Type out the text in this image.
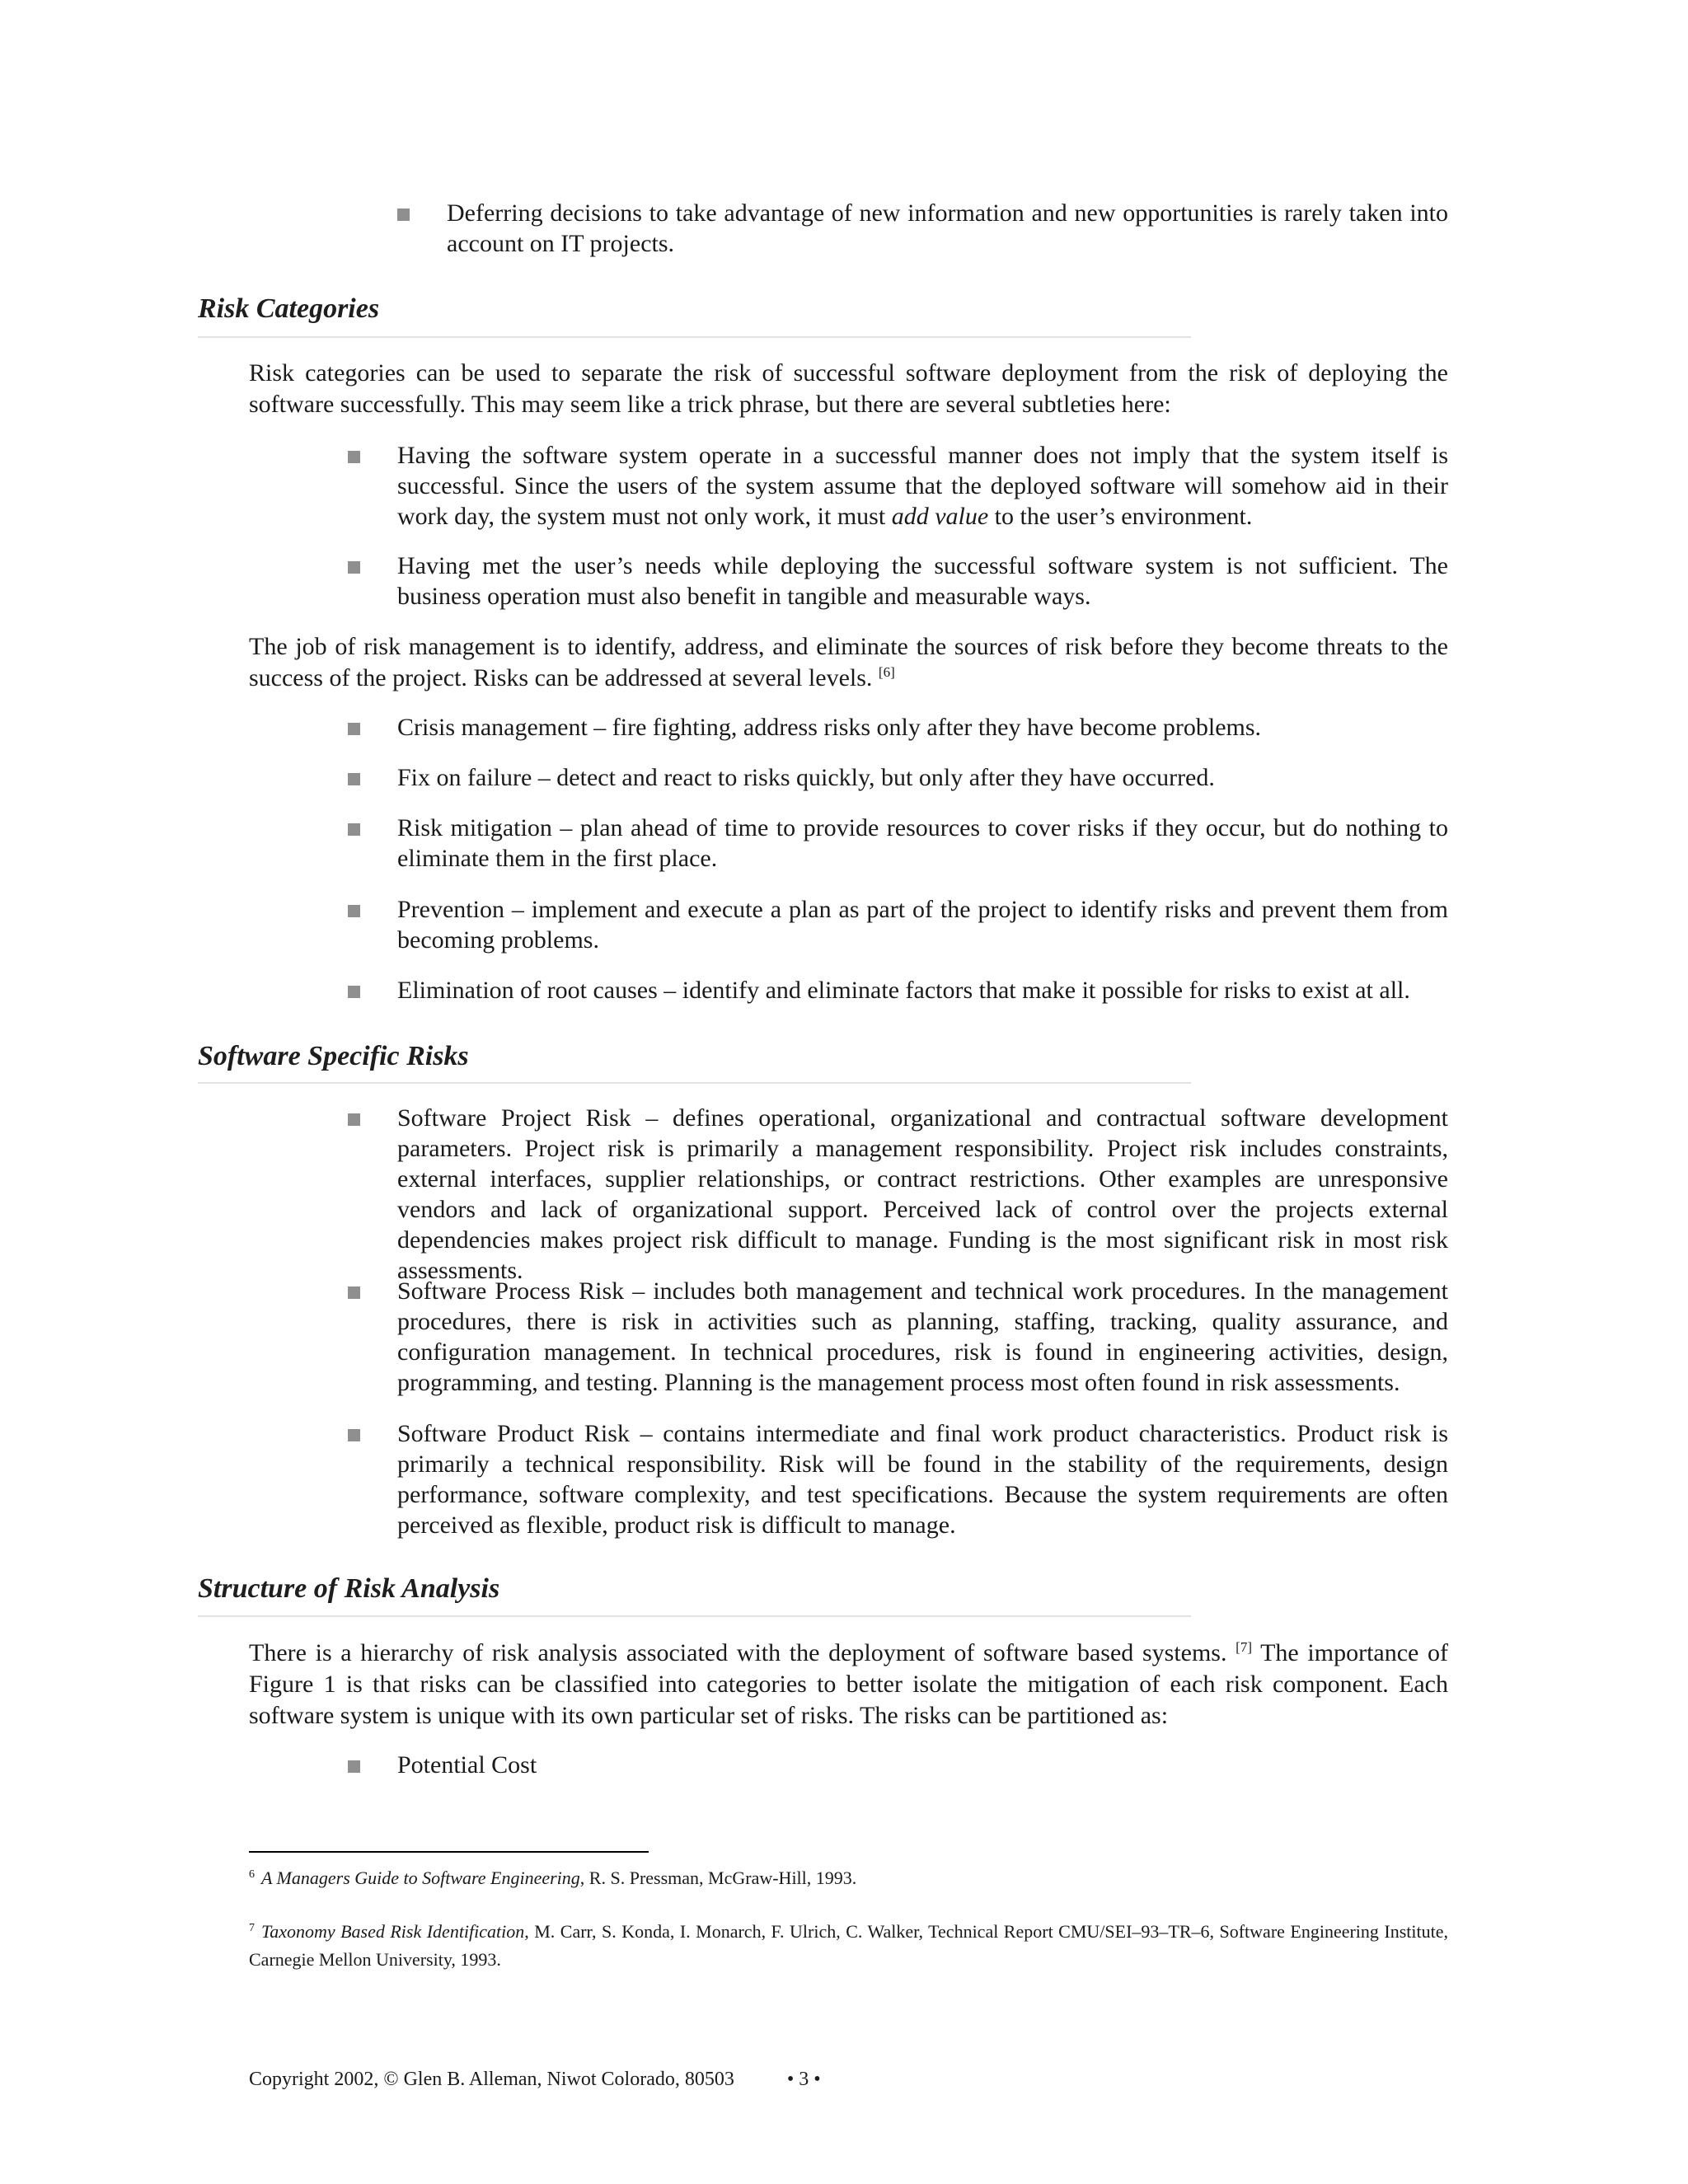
Deferring decisions to take advantage of new information and new opportunities is rarely taken into account on IT projects.
Risk Categories
Risk categories can be used to separate the risk of successful software deployment from the risk of deploying the software successfully. This may seem like a trick phrase, but there are several subtleties here:
Having the software system operate in a successful manner does not imply that the system itself is successful. Since the users of the system assume that the deployed software will somehow aid in their work day, the system must not only work, it must add value to the user’s environment.
Having met the user’s needs while deploying the successful software system is not sufficient. The business operation must also benefit in tangible and measurable ways.
The job of risk management is to identify, address, and eliminate the sources of risk before they become threats to the success of the project. Risks can be addressed at several levels. [6]
Crisis management – fire fighting, address risks only after they have become problems.
Fix on failure – detect and react to risks quickly, but only after they have occurred.
Risk mitigation – plan ahead of time to provide resources to cover risks if they occur, but do nothing to eliminate them in the first place.
Prevention – implement and execute a plan as part of the project to identify risks and prevent them from becoming problems.
Elimination of root causes – identify and eliminate factors that make it possible for risks to exist at all.
Software Specific Risks
Software Project Risk – defines operational, organizational and contractual software development parameters. Project risk is primarily a management responsibility. Project risk includes constraints, external interfaces, supplier relationships, or contract restrictions. Other examples are unresponsive vendors and lack of organizational support. Perceived lack of control over the projects external dependencies makes project risk difficult to manage. Funding is the most significant risk in most risk assessments.
Software Process Risk – includes both management and technical work procedures. In the management procedures, there is risk in activities such as planning, staffing, tracking, quality assurance, and configuration management. In technical procedures, risk is found in engineering activities, design, programming, and testing. Planning is the management process most often found in risk assessments.
Software Product Risk – contains intermediate and final work product characteristics. Product risk is primarily a technical responsibility. Risk will be found in the stability of the requirements, design performance, software complexity, and test specifications. Because the system requirements are often perceived as flexible, product risk is difficult to manage.
Structure of Risk Analysis
There is a hierarchy of risk analysis associated with the deployment of software based systems. [7] The importance of Figure 1 is that risks can be classified into categories to better isolate the mitigation of each risk component. Each software system is unique with its own particular set of risks. The risks can be partitioned as:
Potential Cost
$^6$ A Managers Guide to Software Engineering, R. S. Pressman, McGraw-Hill, 1993.
$^7$ Taxonomy Based Risk Identification, M. Carr, S. Konda, I. Monarch, F. Ulrich, C. Walker, Technical Report CMU/SEI–93–TR–6, Software Engineering Institute, Carnegie Mellon University, 1993.
Copyright 2002, © Glen B. Alleman, Niwot Colorado, 80503	• 3 •
